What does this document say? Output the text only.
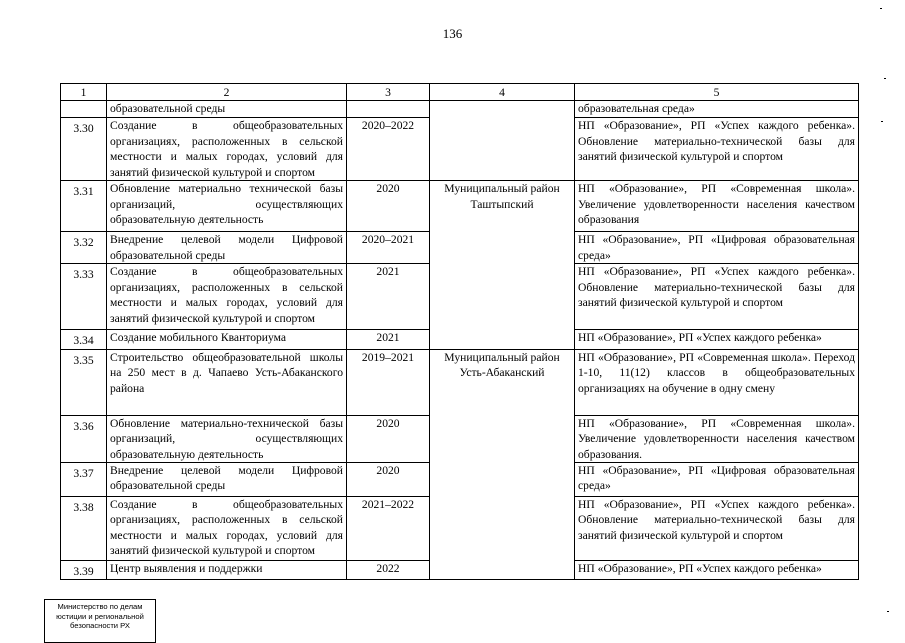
136
1	2	3	4	5
	образовательной среды			образовательная среда»
3.30	Создание в общеобразовательных организациях, расположенных в сельской местности и малых городах, условий для занятий физической культурой и спортом	2020–2022		НП «Образование», РП «Успех каждого ребенка». Обновление материально-технической базы для занятий физической культурой и спортом
3.31	Обновление материально технической базы организаций, осуществляющих образовательную деятельность	2020	Муниципальный район Таштыпский	НП «Образование», РП «Современная школа». Увеличение удовлетворенности населения качеством образования
3.32	Внедрение целевой модели Цифровой образовательной среды	2020–2021		НП «Образование», РП «Цифровая образовательная среда»
3.33	Создание в общеобразовательных организациях, расположенных в сельской местности и малых городах, условий для занятий физической культурой и спортом	2021		НП «Образование», РП «Успех каждого ребенка». Обновление материально-технической базы для занятий физической культурой и спортом
3.34	Создание мобильного Кванториума	2021		НП «Образование», РП «Успех каждого ребенка»
3.35	Строительство общеобразовательной школы на 250 мест в д. Чапаево Усть-Абаканского района	2019–2021	Муниципальный район Усть-Абаканский	НП «Образование», РП «Современная школа». Переход 1-10, 11(12) классов в общеобразовательных организациях на обучение в одну смену
3.36	Обновление материально-технической базы организаций, осуществляющих образовательную деятельность	2020		НП «Образование», РП «Современная школа». Увеличение удовлетворенности населения качеством образования.
3.37	Внедрение целевой модели Цифровой образовательной среды	2020		НП «Образование», РП «Цифровая образовательная среда»
3.38	Создание в общеобразовательных организациях, расположенных в сельской местности и малых городах, условий для занятий физической культурой и спортом	2021–2022		НП «Образование», РП «Успех каждого ребенка». Обновление материально-технической базы для занятий физической культурой и спортом
3.39	Центр выявления и поддержки	2022		НП «Образование», РП «Успех каждого ребенка»
Министерство по делам
юстиции и региональной
безопасности РХ
